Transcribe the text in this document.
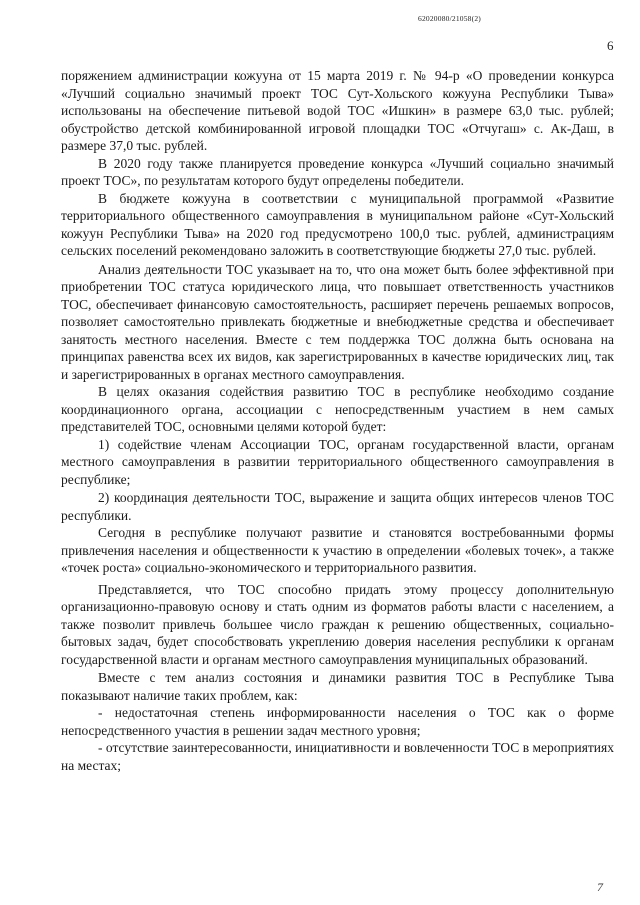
62020080/21058(2)
6

поряжением администрации кожууна от 15 марта 2019 г. № 94-р «О проведении конкурса «Лучший социально значимый проект ТОС Сут-Хольского кожууна Республики Тыва» использованы на обеспечение питьевой водой ТОС «Ишкин» в размере 63,0 тыс. рублей; обустройство детской комбинированной игровой площадки ТОС «Отчугаш» с. Ак-Даш, в размере 37,0 тыс. рублей.

В 2020 году также планируется проведение конкурса «Лучший социально значимый проект ТОС», по результатам которого будут определены победители.

В бюджете кожууна в соответствии с муниципальной программой «Развитие территориального общественного самоуправления в муниципальном районе «Сут-Хольский кожуун Республики Тыва» на 2020 год предусмотрено 100,0 тыс. рублей, администрациям сельских поселений рекомендовано заложить в соответствующие бюджеты 27,0 тыс. рублей.

Анализ деятельности ТОС указывает на то, что она может быть более эффективной при приобретении ТОС статуса юридического лица, что повышает ответственность участников ТОС, обеспечивает финансовую самостоятельность, расширяет перечень решаемых вопросов, позволяет самостоятельно привлекать бюджетные и внебюджетные средства и обеспечивает занятость местного населения. Вместе с тем поддержка ТОС должна быть основана на принципах равенства всех их видов, как зарегистрированных в качестве юридических лиц, так и зарегистрированных в органах местного самоуправления.

В целях оказания содействия развитию ТОС в республике необходимо создание координационного органа, ассоциации с непосредственным участием в нем самых представителей ТОС, основными целями которой будет:

1) содействие членам Ассоциации ТОС, органам государственной власти, органам местного самоуправления в развитии территориального общественного самоуправления в республике;

2) координация деятельности ТОС, выражение и защита общих интересов членов ТОС республики.

Сегодня в республике получают развитие и становятся востребованными формы привлечения населения и общественности к участию в определении «болевых точек», а также «точек роста» социально-экономического и территориального развития.

Представляется, что ТОС способно придать этому процессу дополнительную организационно-правовую основу и стать одним из форматов работы власти с населением, а также позволит привлечь большее число граждан к решению общественных, социально-бытовых задач, будет способствовать укреплению доверия населения республики к органам государственной власти и органам местного самоуправления муниципальных образований.

Вместе с тем анализ состояния и динамики развития ТОС в Республике Тыва показывают наличие таких проблем, как:

- недостаточная степень информированности населения о ТОС как о форме непосредственного участия в решении задач местного уровня;

- отсутствие заинтересованности, инициативности и вовлеченности ТОС в мероприятиях на местах;

7
